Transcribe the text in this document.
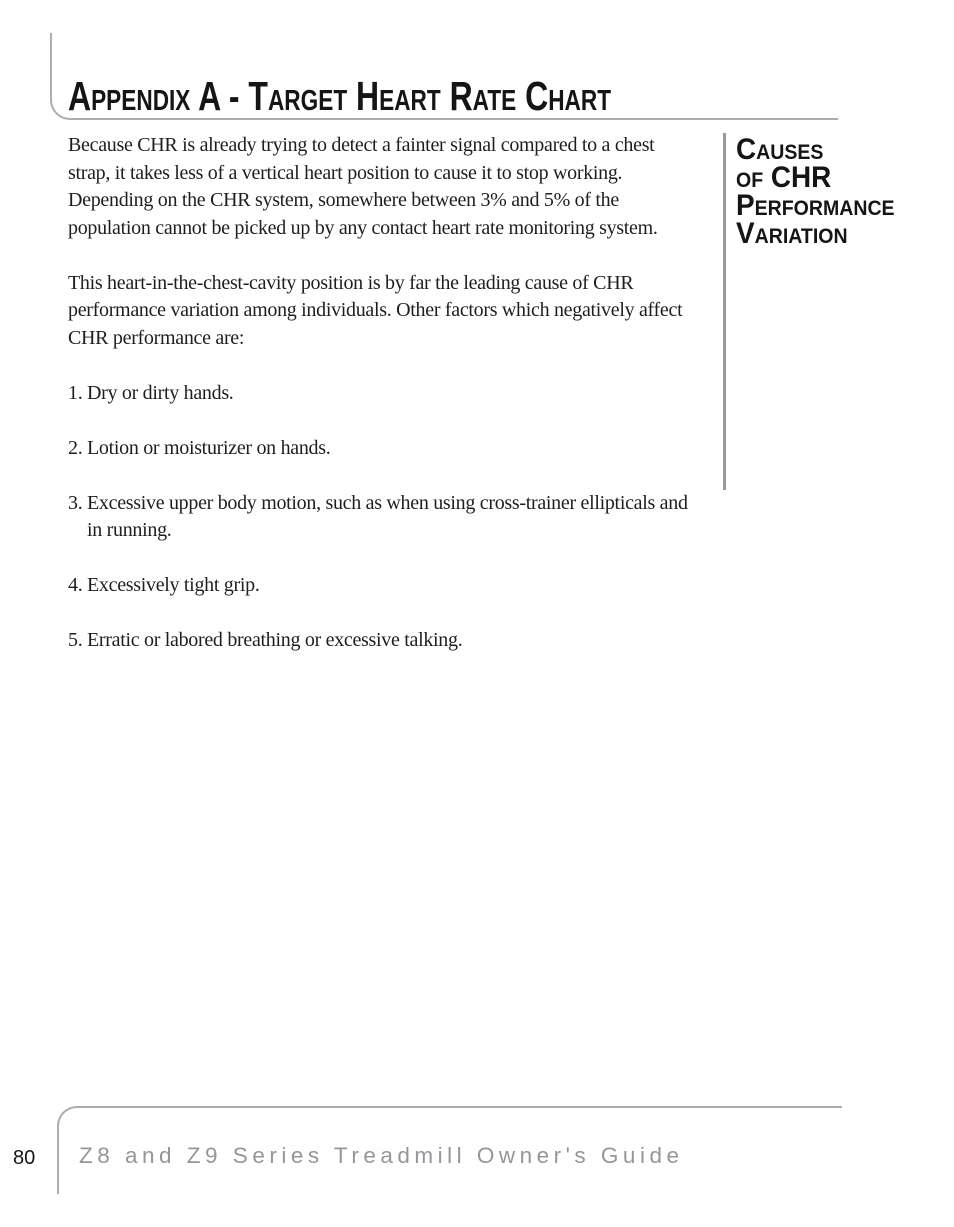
Appendix A - Target Heart Rate Chart

Because CHR is already trying to detect a fainter signal compared to a chest strap, it takes less of a vertical heart position to cause it to stop working. Depending on the CHR system, somewhere between 3% and 5% of the population cannot be picked up by any contact heart rate monitoring system.

This heart-in-the-chest-cavity position is by far the leading cause of CHR performance variation among individuals. Other factors which negatively affect CHR performance are:

1. Dry or dirty hands.
2. Lotion or moisturizer on hands.
3. Excessive upper body motion, such as when using cross-trainer ellipticals and in running.
4. Excessively tight grip.
5. Erratic or labored breathing or excessive talking.
Causes
of CHR
Performance
Variation
80 Z8 and Z9 Series Treadmill Owner's Guide
